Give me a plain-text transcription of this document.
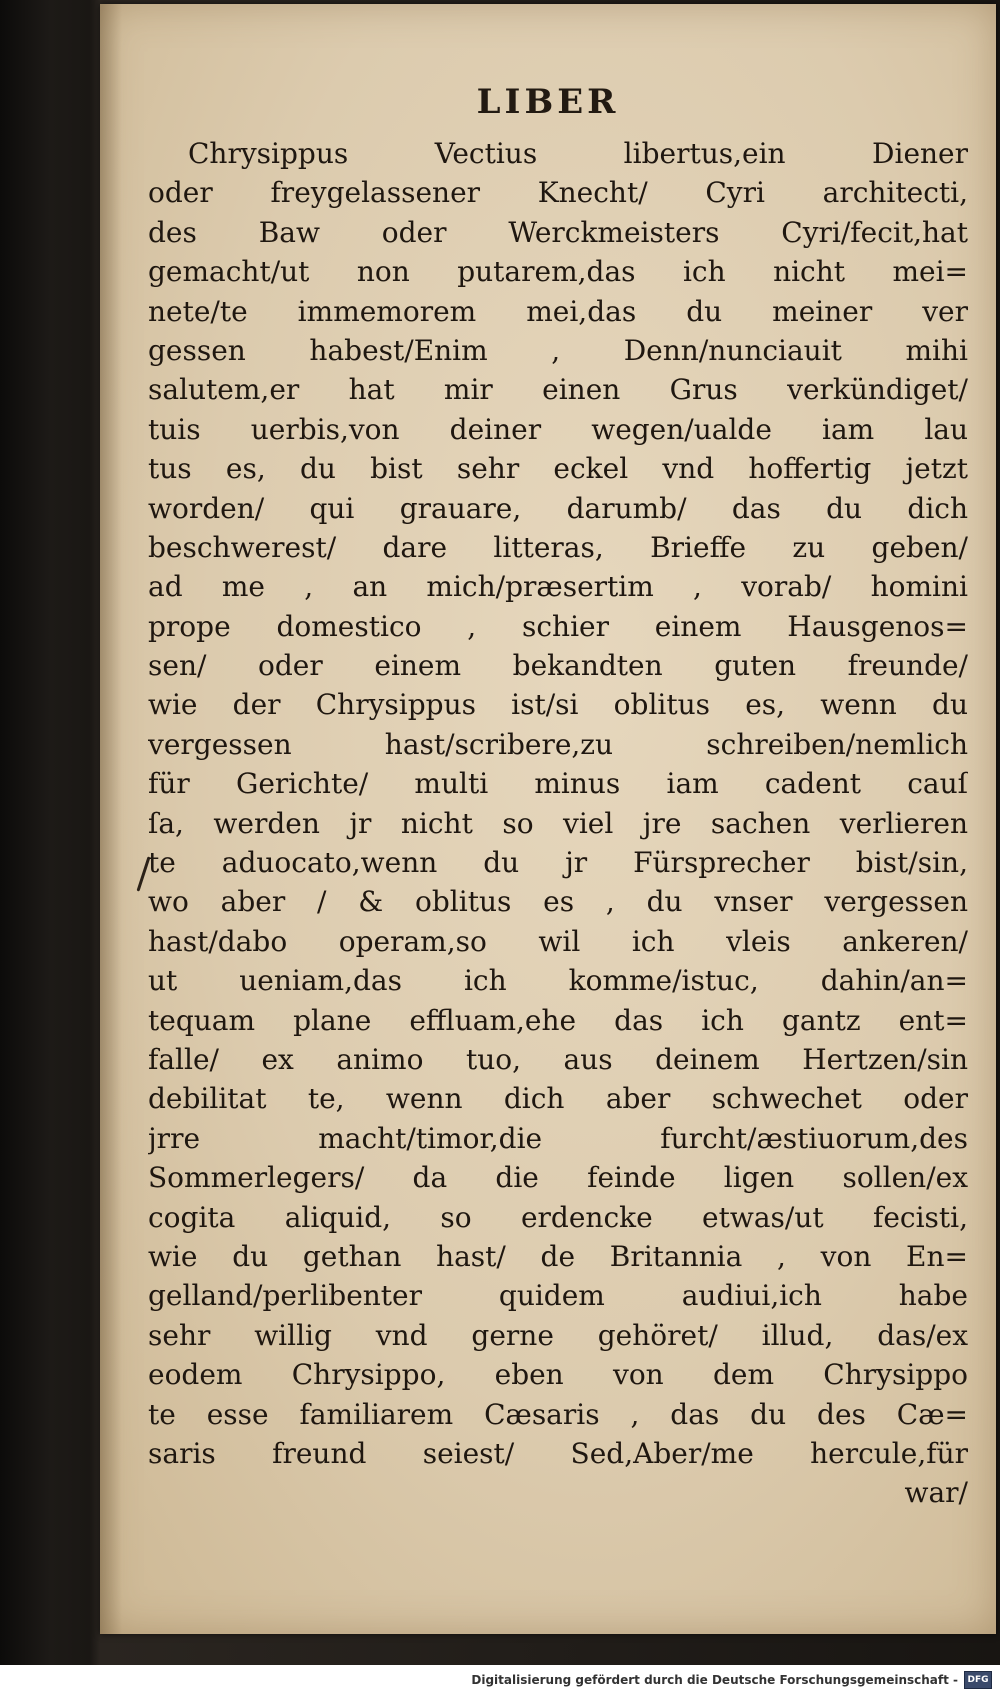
LIBER
Chrysippus Vectius libertus,ein Diener
oder freygelassener Knecht/ Cyri architecti,
des Baw oder Werckmeisters Cyri/fecit,hat
gemacht/ut non putarem,das ich nicht mei=
nete/te immemorem mei,das du meiner ver
gessen habest/Enim , Denn/nunciauit mihi
salutem,er hat mir einen Grus verkündiget/
tuis uerbis,von deiner wegen/ualde iam lau
tus es, du bist sehr eckel vnd hoffertig jetzt
worden/ qui grauare, darumb/ das du dich
beschwerest/ dare litteras, Brieffe zu geben/
ad me , an mich/præsertim , vorab/ homini
prope domestico , schier einem Hausgenos=
sen/ oder einem bekandten guten freunde/
wie der Chrysippus ist/si oblitus es, wenn du
vergessen hast/scribere,zu schreiben/nemlich
für Gerichte/ multi minus iam cadent cauſ
ſa, werden jr nicht so viel jre sachen verlieren
te aduocato,wenn du jr Fürsprecher bist/sin,
wo aber / & oblitus es , du vnser vergessen
hast/dabo operam,so wil ich vleis ankeren/
ut ueniam,das ich komme/istuc, dahin/an=
tequam plane effluam,ehe das ich gantz ent=
falle/ ex animo tuo, aus deinem Hertzen/sin
debilitat te, wenn dich aber schwechet oder
jrre macht/timor,die furcht/æstiuorum,des
Sommerlegers/ da die feinde ligen sollen/ex
cogita aliquid, so erdencke etwas/ut fecisti,
wie du gethan hast/ de Britannia , von En=
gelland/perlibenter quidem audiui,ich habe
sehr willig vnd gerne gehöret/ illud, das/ex
eodem Chrysippo, eben von dem Chrysippo
te esse familiarem Cæsaris , das du des Cæ=
saris freund seiest/ Sed,Aber/me hercule,für
war/
Digitalisierung gefördert durch die Deutsche Forschungsgemeinschaft -	DFG
